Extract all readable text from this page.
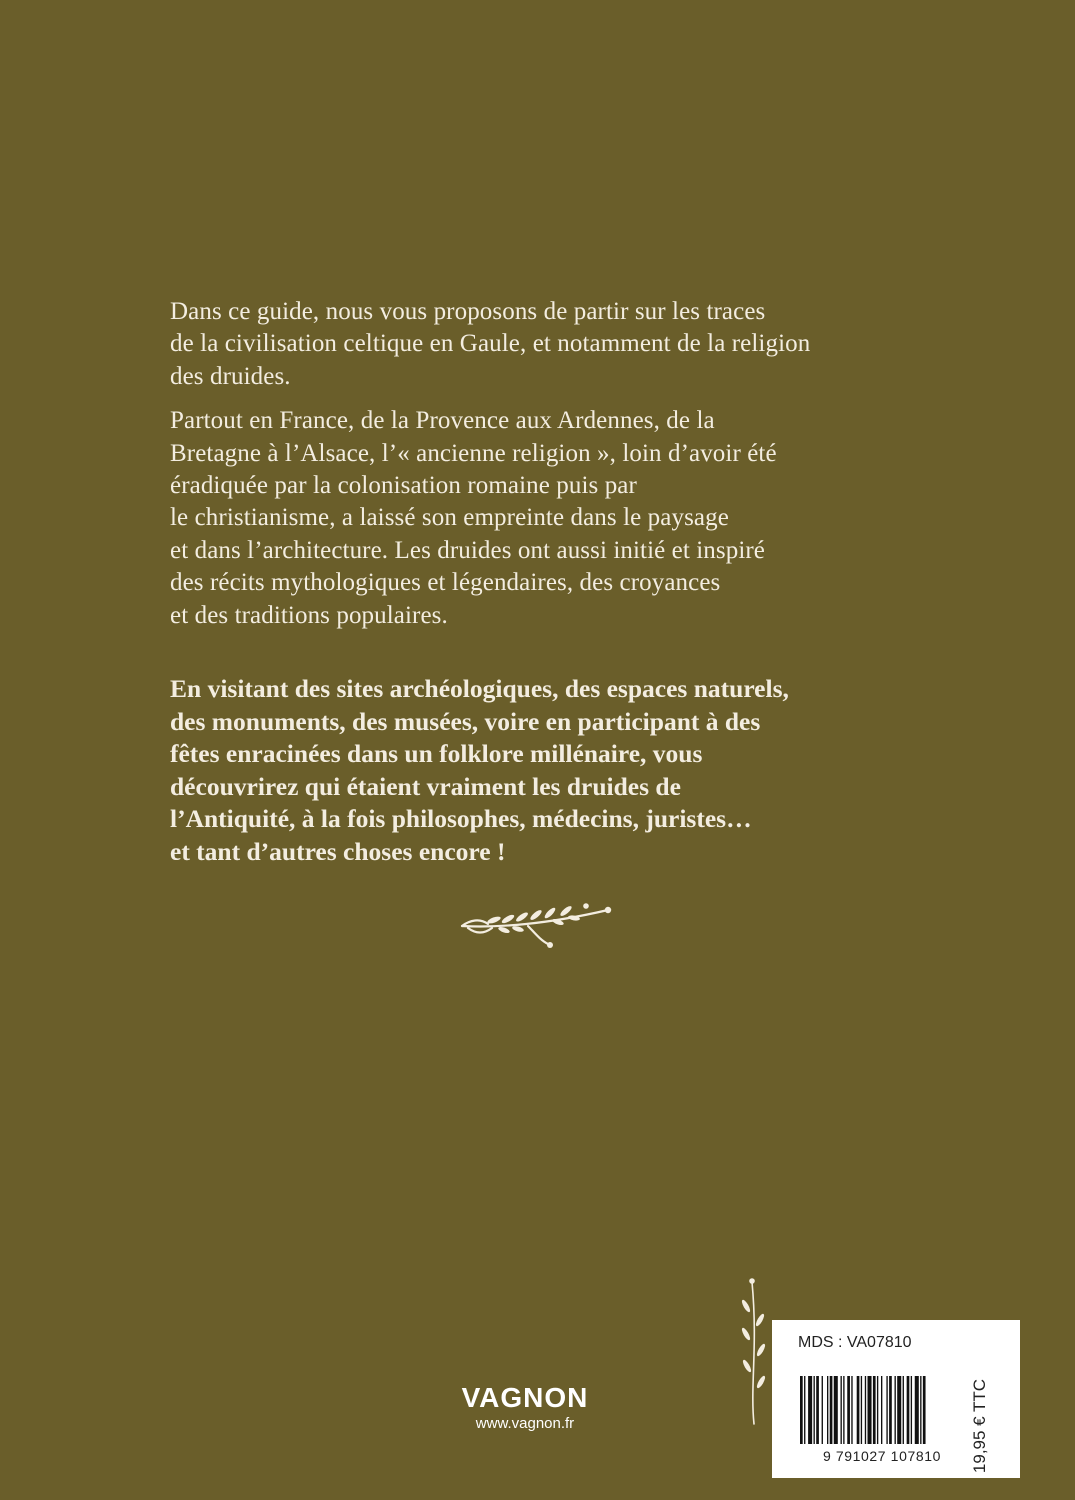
Dans ce guide, nous vous proposons de partir sur les traces
de la civilisation celtique en Gaule, et notamment de la religion
des druides.

Partout en France, de la Provence aux Ardennes, de la
Bretagne à l’Alsace, l’« ancienne religion », loin d’avoir été
éradiquée par la colonisation romaine puis par
le christianisme, a laissé son empreinte dans le paysage
et dans l’architecture. Les druides ont aussi initié et inspiré
des récits mythologiques et légendaires, des croyances
et des traditions populaires.

En visitant des sites archéologiques, des espaces naturels,
des monuments, des musées, voire en participant à des
fêtes enracinées dans un folklore millénaire, vous
découvrirez qui étaient vraiment les druides de
l’Antiquité, à la fois philosophes, médecins, juristes…
et tant d’autres choses encore !
VAGNON
www.vagnon.fr
MDS : VA07810
9 791027 107810	19,95 € TTC
